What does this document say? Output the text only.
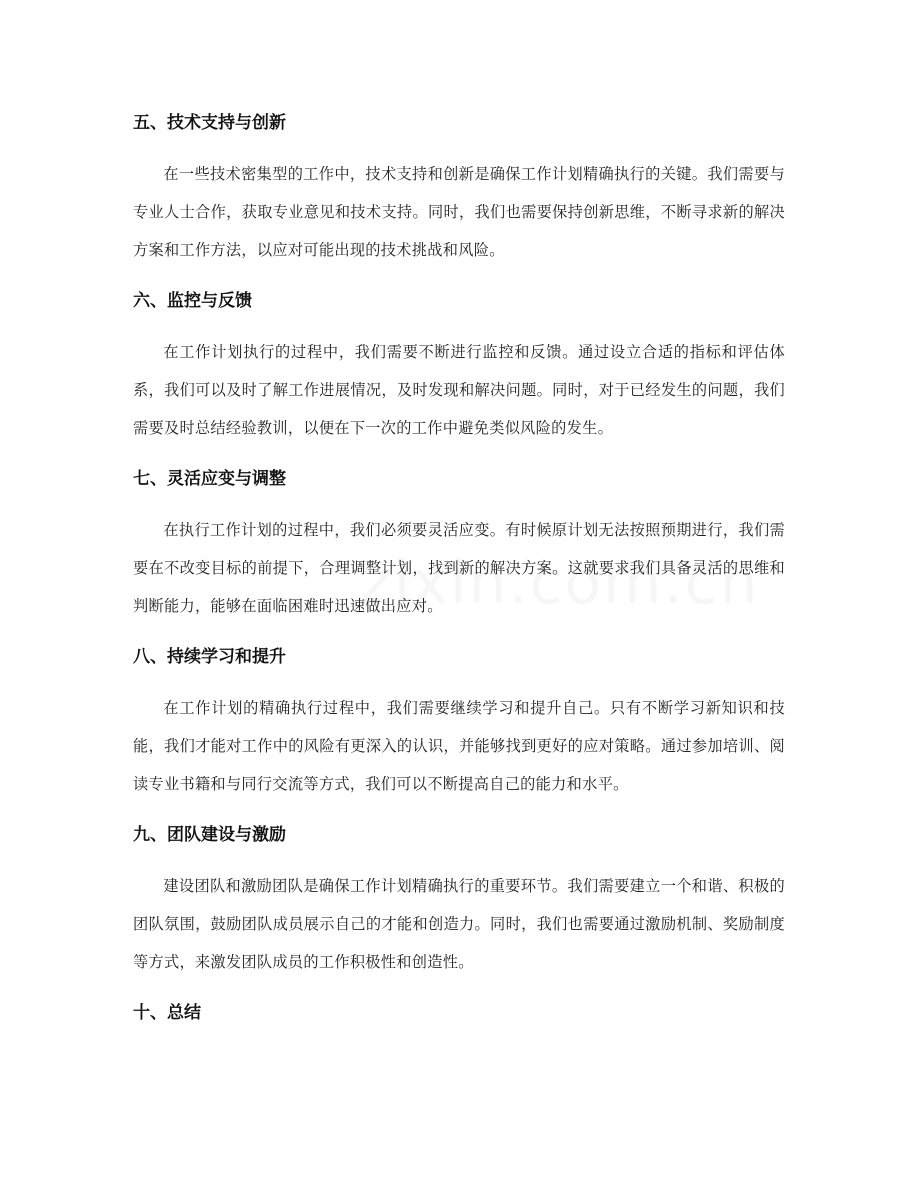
五、技术支持与创新

在一些技术密集型的工作中，技术支持和创新是确保工作计划精确执行的关键。我们需要与专业人士合作，获取专业意见和技术支持。同时，我们也需要保持创新思维，不断寻求新的解决方案和工作方法，以应对可能出现的技术挑战和风险。

六、监控与反馈

在工作计划执行的过程中，我们需要不断进行监控和反馈。通过设立合适的指标和评估体系，我们可以及时了解工作进展情况，及时发现和解决问题。同时，对于已经发生的问题，我们需要及时总结经验教训，以便在下一次的工作中避免类似风险的发生。

七、灵活应变与调整

在执行工作计划的过程中，我们必须要灵活应变。有时候原计划无法按照预期进行，我们需要在不改变目标的前提下，合理调整计划，找到新的解决方案。这就要求我们具备灵活的思维和判断能力，能够在面临困难时迅速做出应对。

八、持续学习和提升

在工作计划的精确执行过程中，我们需要继续学习和提升自己。只有不断学习新知识和技能，我们才能对工作中的风险有更深入的认识，并能够找到更好的应对策略。通过参加培训、阅读专业书籍和与同行交流等方式，我们可以不断提高自己的能力和水平。

九、团队建设与激励

建设团队和激励团队是确保工作计划精确执行的重要环节。我们需要建立一个和谐、积极的团队氛围，鼓励团队成员展示自己的才能和创造力。同时，我们也需要通过激励机制、奖励制度等方式，来激发团队成员的工作积极性和创造性。

十、总结
